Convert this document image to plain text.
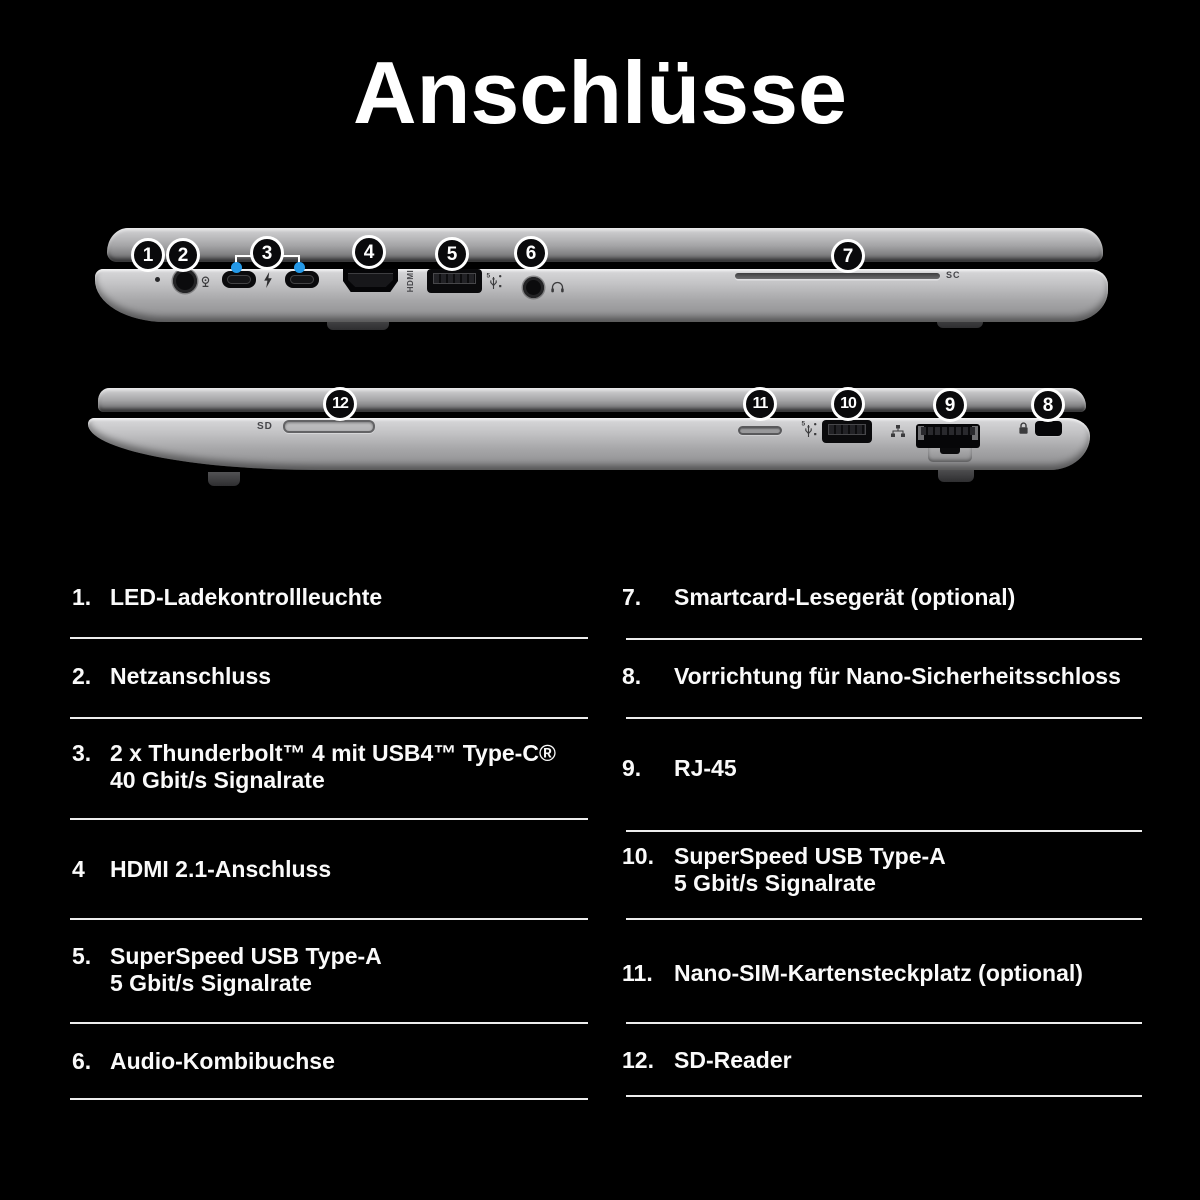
Anschlüsse
HDMI	5	SC
1	2	3	4	5	6	7
SD	5
12	11	10	9	8
1. LED-Ladekontrollleuchte
2. Netzanschluss
3. 2 x Thunderbolt™ 4 mit USB4™ Type-C®
40 Gbit/s Signalrate
4 HDMI 2.1-Anschluss
5. SuperSpeed USB Type-A
5 Gbit/s Signalrate
6. Audio-Kombibuchse
7. Smartcard-Lesegerät (optional)
8. Vorrichtung für Nano-Sicherheitsschloss
9. RJ-45
10. SuperSpeed USB Type-A
5 Gbit/s Signalrate
11. Nano-SIM-Kartensteckplatz (optional)
12. SD-Reader
